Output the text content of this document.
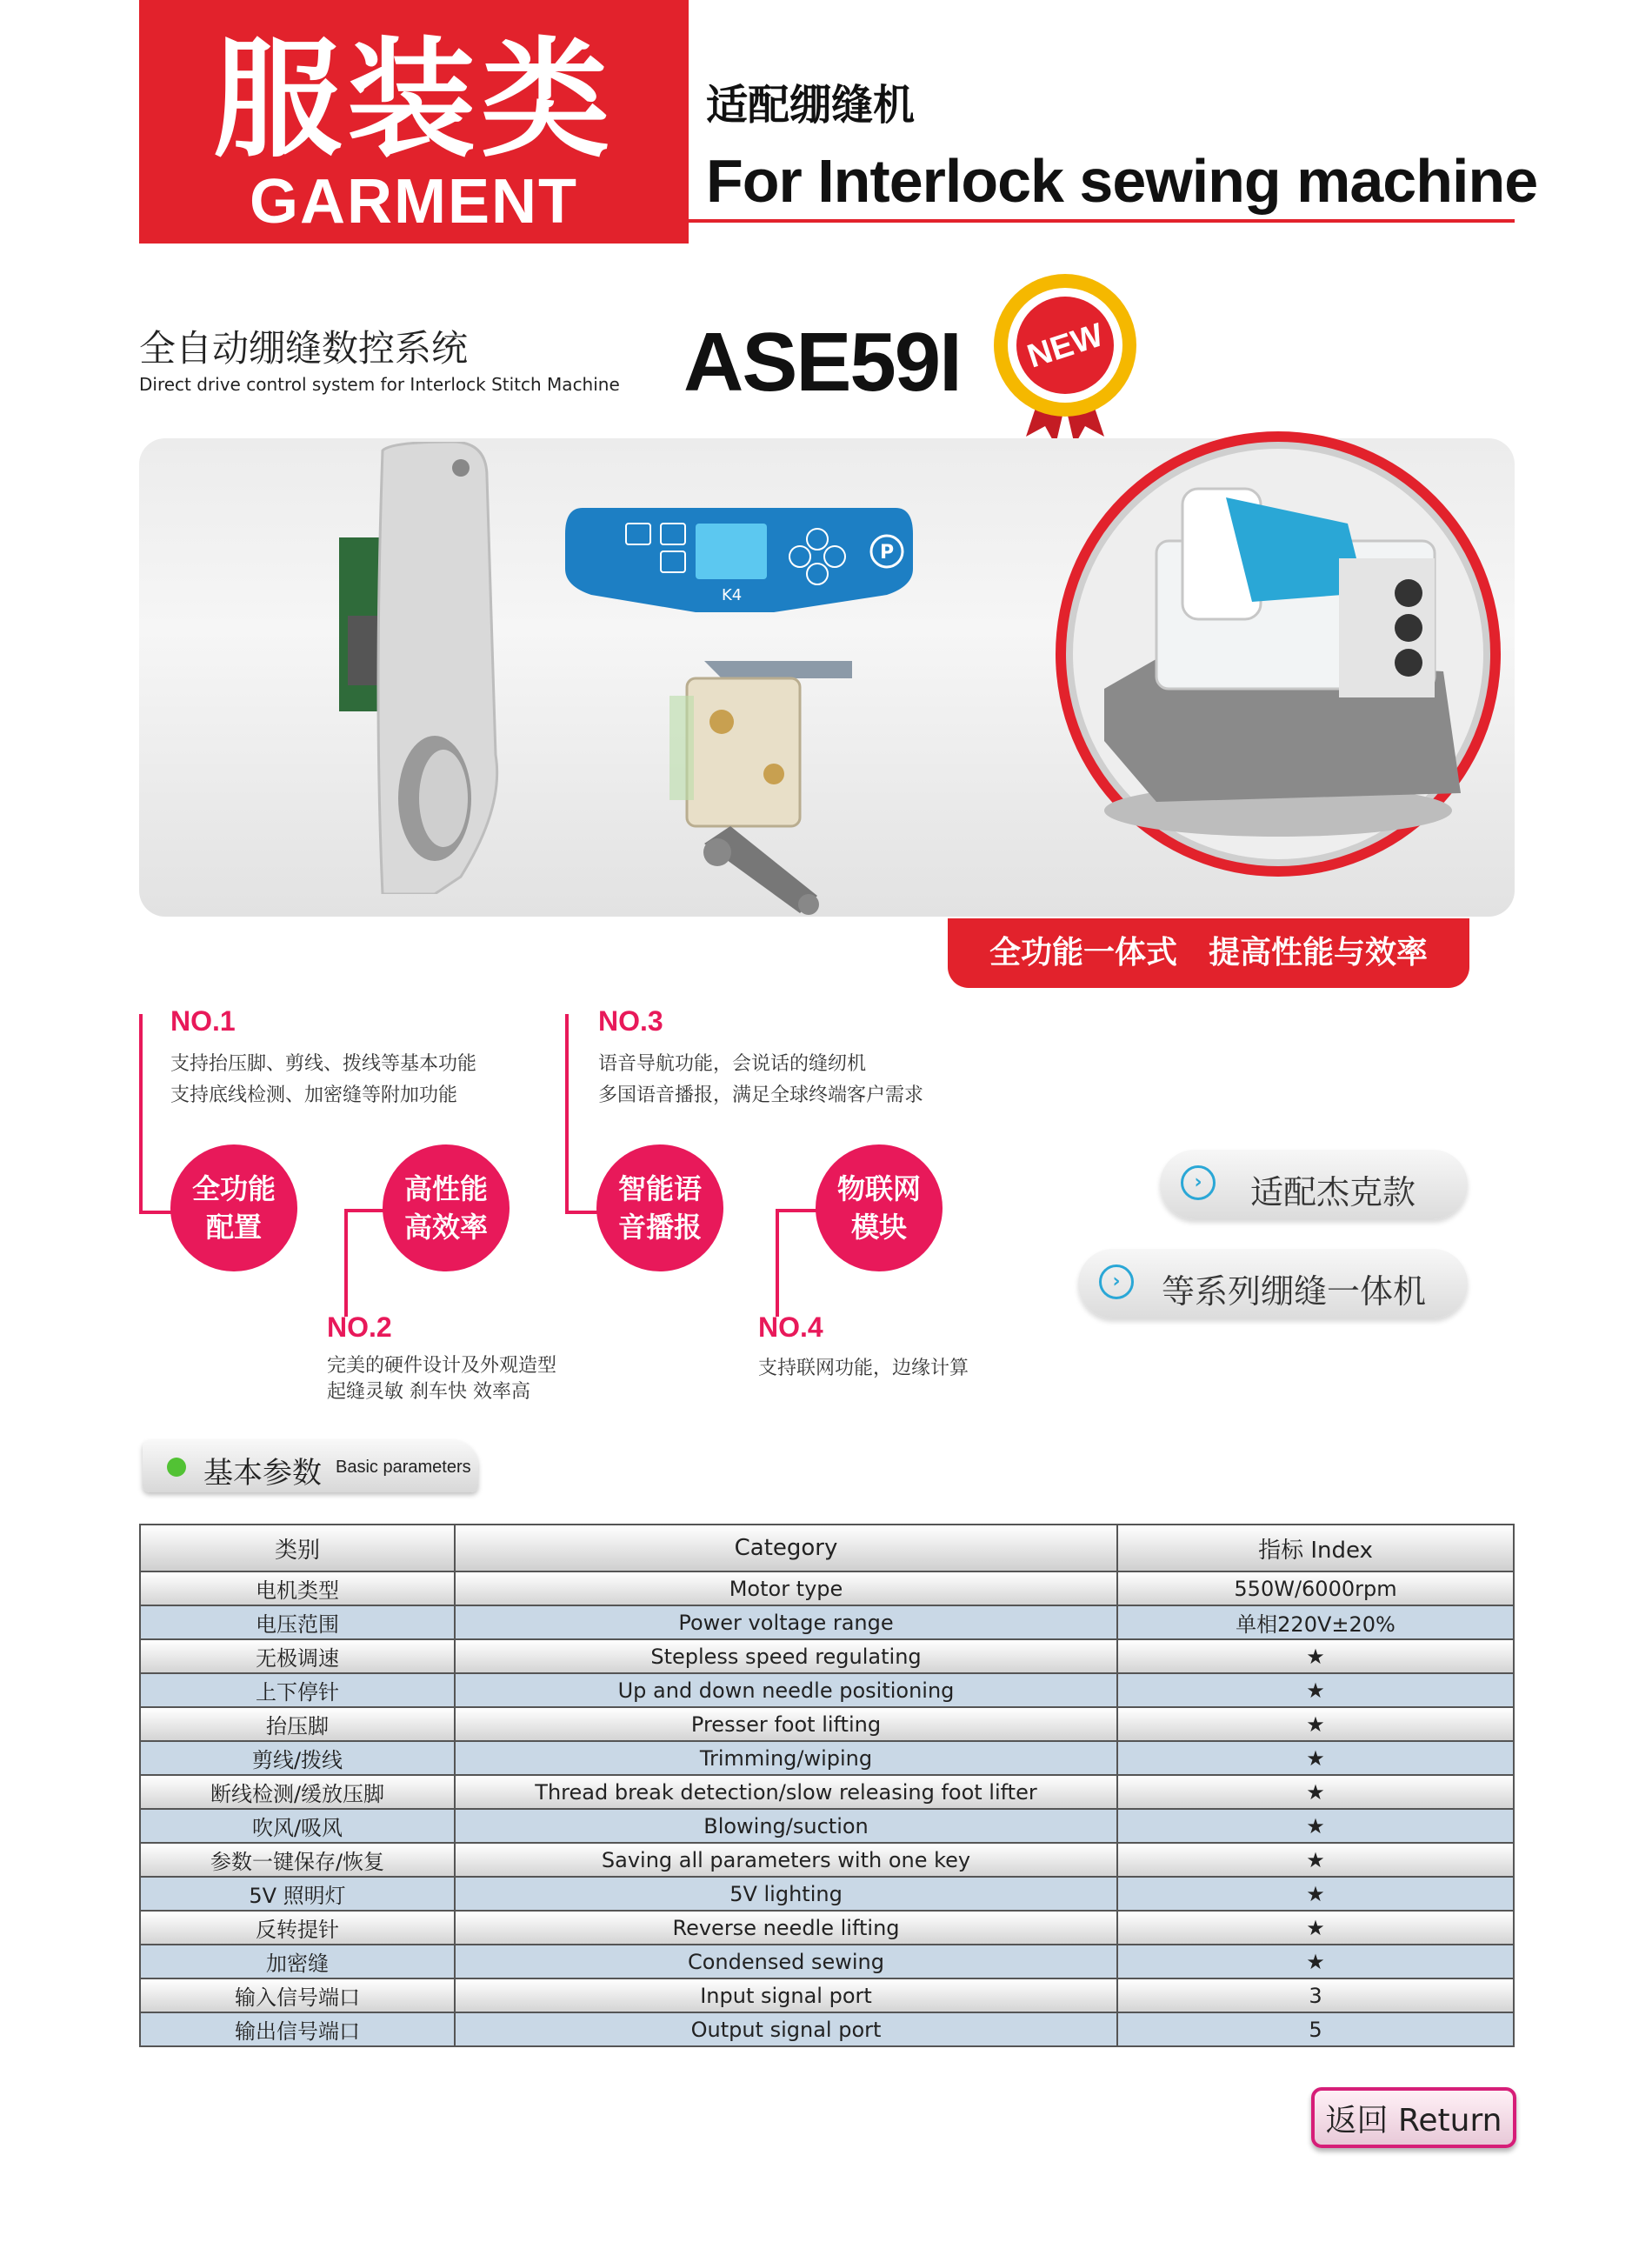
服装类
GARMENT
适配绷缝机
For Interlock sewing machine
全自动绷缝数控系统
Direct drive control system for Interlock Stitch Machine ASE59I NEW
P
K4
全功能一体式　提高性能与效率
NO.1
支持抬压脚、剪线、拨线等基本功能
支持底线检测、加密缝等附加功能
全功能
配置
高性能
高效率
NO.2
完美的硬件设计及外观造型
起缝灵敏 刹车快 效率高
NO.3
语音导航功能，会说话的缝纫机
多国语音播报，满足全球终端客户需求
智能语
音播报
物联网
模块
NO.4
支持联网功能，边缘计算
›	适配杰克款
›	等系列绷缝一体机
基本参数 Basic parameters
类别	Category	指标 Index
电机类型	Motor type	550W/6000rpm
电压范围	Power voltage range	单相220V±20%
无极调速	Stepless speed regulating	★
上下停针	Up and down needle positioning	★
抬压脚	Presser foot lifting	★
剪线/拨线	Trimming/wiping	★
断线检测/缓放压脚	Thread break detection/slow releasing foot lifter	★
吹风/吸风	Blowing/suction	★
参数一键保存/恢复	Saving all parameters with one key	★
5V 照明灯	5V lighting	★
反转提针	Reverse needle lifting	★
加密缝	Condensed sewing	★
输入信号端口	Input signal port	3
输出信号端口	Output signal port	5
返回 Return
